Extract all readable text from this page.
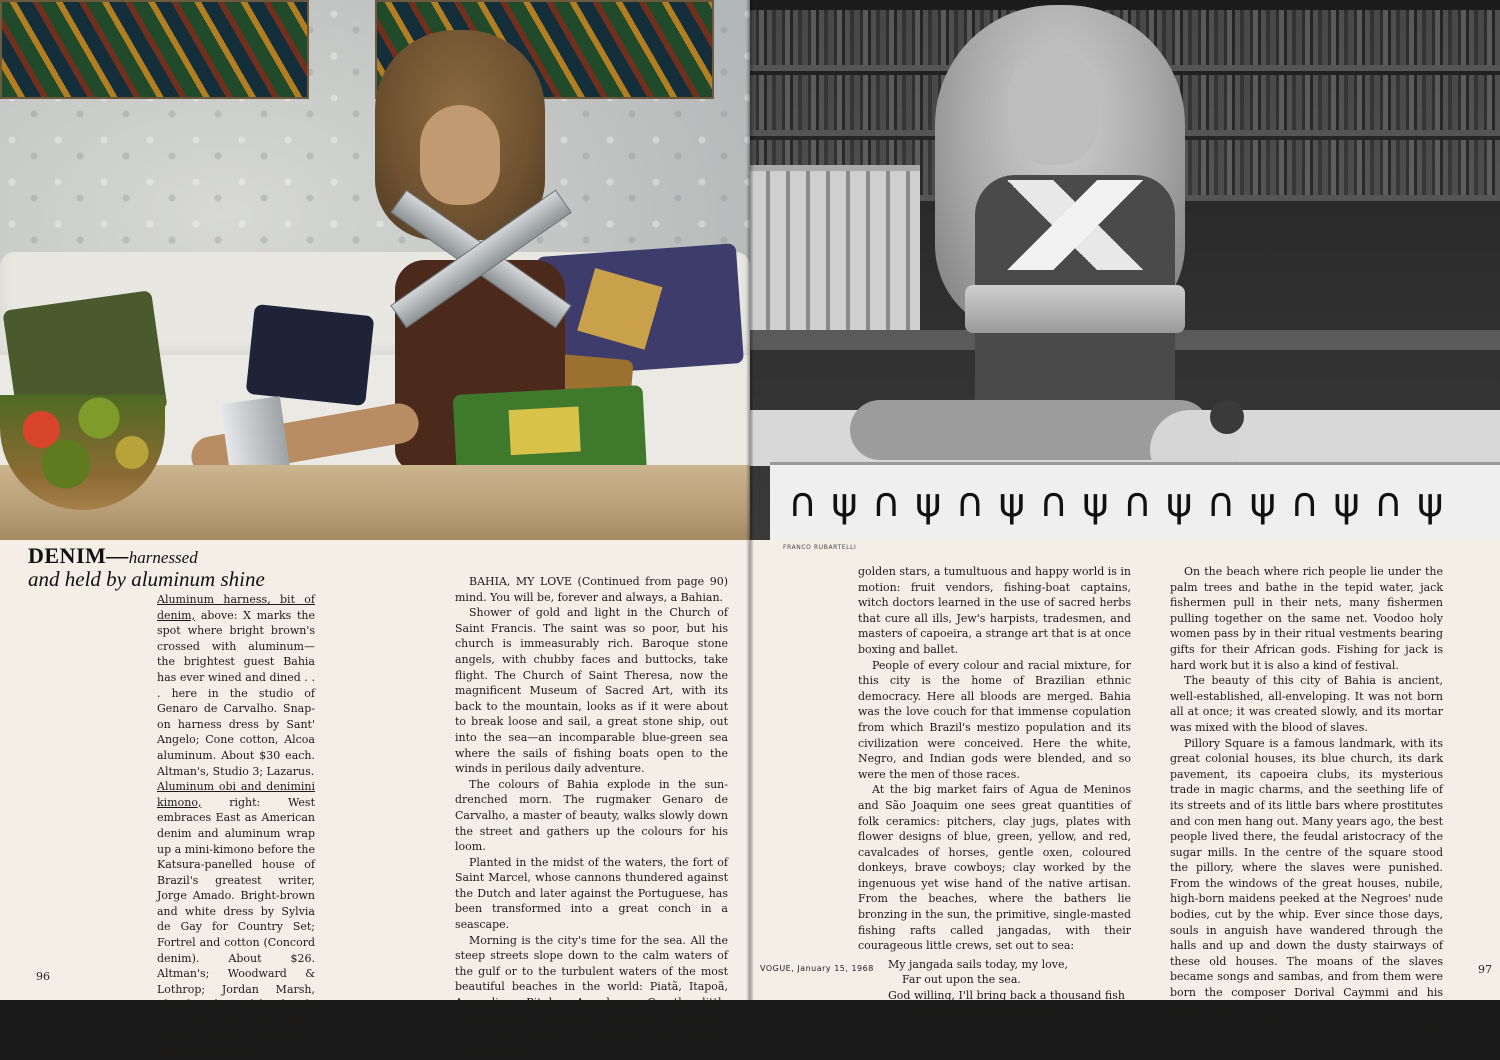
DENIM—harnessed
and held by aluminum shine

Aluminum harness, bit of denim, above: X marks the spot where bright brown's crossed with aluminum—the brightest guest Bahia has ever wined and dined . . . here in the studio of Genaro de Carvalho. Snap-on harness dress by Sant' Angelo; Cone cotton, Alcoa aluminum. About $30 each. Altman's, Studio 3; Lazarus.

Aluminum obi and denimini kimono,	right: West embraces East as American denim and aluminum wrap up a mini-kimono before the Katsura-panelled house of Brazil's greatest writer, Jorge Amado. Bright-brown and white dress by Sylvia de Gay for Country Set; Fortrel and cotton (Concord denim). About $26. Altman's; Woodward & Lothrop; Jordan Marsh, Florida. Obi, and leg bands on both pages, by Sant' Angelo; Alcoa aluminum. Altman's, Studio 3.

BAHIA, MY LOVE (Continued from page 90) mind. You will be, forever and always, a Bahian.

Shower of gold and light in the Church of Saint Francis. The saint was so poor, but his church is immeasurably rich. Baroque stone angels, with chubby faces and buttocks, take flight. The Church of Saint Theresa, now the magnificent Museum of Sacred Art, with its back to the mountain, looks as if it were about to break loose and sail, a great stone ship, out into the sea—an incomparable blue-green sea where the sails of fishing boats open to the winds in perilous daily adventure.

The colours of Bahia explode in the sun-drenched morn. The rugmaker Genaro de Carvalho, a master of beauty, walks slowly down the street and gathers up the colours for his loom.

Planted in the midst of the waters, the fort of Saint Marcel, whose cannons thundered against the Dutch and later against the Portuguese, has been transformed into a great conch in a seascape.

Morning is the city's time for the sea. All the steep streets slope down to the calm waters of the gulf or to the turbulent waters of the most beautiful beaches in the world: Piatã, Itapoã, Amaralina, Pituba, Arambepe. On the little market quay, bright with mangos, pineapples, yellow hog plums, green papayas, and Pitanga cherries with their

96
∩ ψ ∩ ψ ∩ ψ ∩ ψ ∩ ψ ∩ ψ ∩ ψ ∩ ψ
FRANCO RUBARTELLI

golden stars, a tumultuous and happy world is in motion: fruit vendors, fishing-boat captains, witch doctors learned in the use of sacred herbs that cure all ills, Jew's harpists, tradesmen, and masters of capoeira, a strange art that is at once boxing and ballet.

People of every colour and racial mixture, for this city is the home of Brazilian ethnic democracy. Here all bloods are merged. Bahia was the love couch for that immense copulation from which Brazil's mestizo population and its civilization were conceived. Here the white, Negro, and Indian gods were blended, and so were the men of those races.

At the big market fairs of Agua de Meninos and São Joaquim one sees great quantities of folk ceramics: pitchers, clay jugs, plates with flower designs of blue, green, yellow, and red, cavalcades of horses, gentle oxen, coloured donkeys, brave cowboys; clay worked by the ingenuous yet wise hand of the native artisan. From the beaches, where the bathers lie bronzing in the sun, the primitive, single-masted fishing rafts called jangadas, with their courageous little crews, set out to sea:

My jangada sails today, my love,

Far out upon the sea.

God willing, I'll bring back a thousand fish

And a special one for thee.

On the beach where rich people lie under the palm trees and bathe in the tepid water, jack fishermen pull in their nets, many fishermen pulling together on the same net. Voodoo holy women pass by in their ritual vestments bearing gifts for their African gods. Fishing for jack is hard work but it is also a kind of festival.

The beauty of this city of Bahia is ancient, well-established, all-enveloping. It was not born all at once; it was created slowly, and its mortar was mixed with the blood of slaves.

Pillory Square is a famous landmark, with its great colonial houses, its blue church, its dark pavement, its capoeira clubs, its mysterious trade in magic charms, and the seething life of its streets and of its little bars where prostitutes and con men hang out. Many years ago, the best people lived there, the feudal aristocracy of the sugar mills. In the centre of the square stood the pillory, where the slaves were punished. From the windows of the great houses, nubile, high-born maidens peeked at the Negroes' nude bodies, cut by the whip. Ever since those days, souls in anguish have wandered through the halls and up and down the dusty stairways of these old houses. The moans of the slaves became songs and sambas, and from them were born the composer Dorival Caymmi and his Bahian music.

The beauty of Bahia flows (Continued on page 120)

VOGUE, January 15, 1968	97
